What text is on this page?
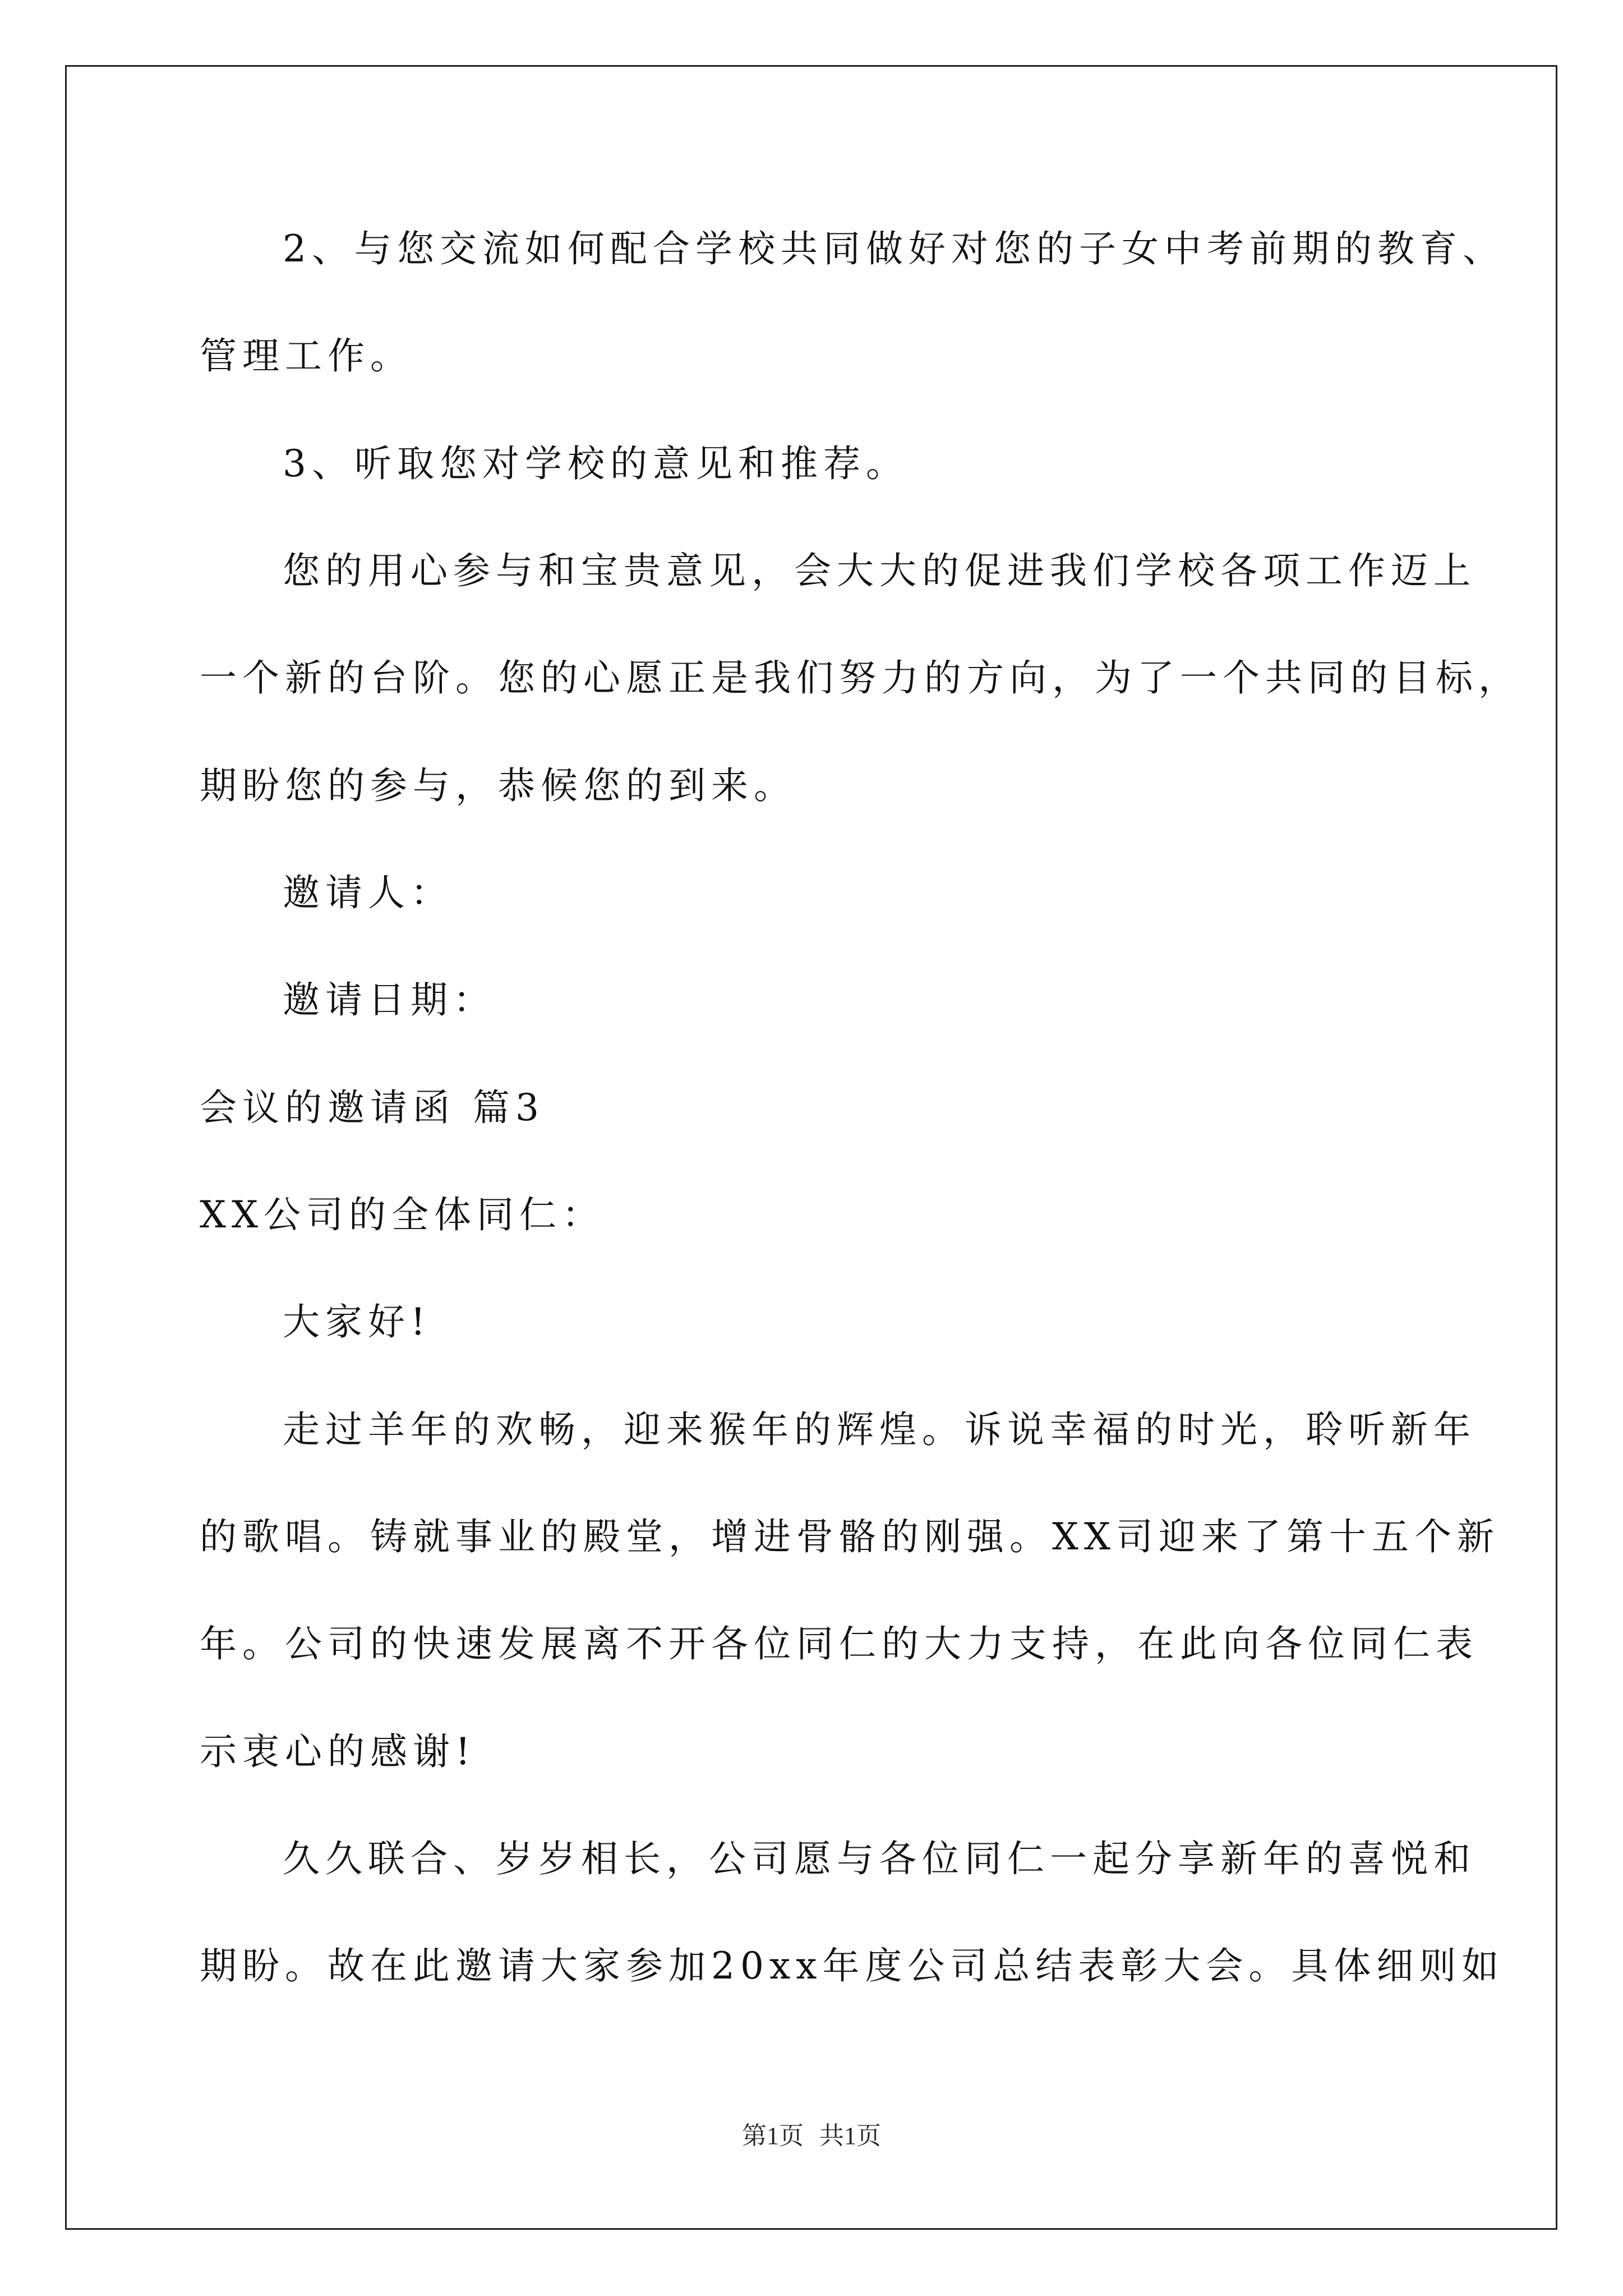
2、与您交流如何配合学校共同做好对您的子女中考前期的教育、
管理工作。
3、听取您对学校的意见和推荐。
您的用心参与和宝贵意见，会大大的促进我们学校各项工作迈上
一个新的台阶。您的心愿正是我们努力的方向，为了一个共同的目标，
期盼您的参与，恭候您的到来。
邀请人：
邀请日期：
会议的邀请函 篇3
XX公司的全体同仁：
大家好!
走过羊年的欢畅，迎来猴年的辉煌。诉说幸福的时光，聆听新年
的歌唱。铸就事业的殿堂，增进骨骼的刚强。XX司迎来了第十五个新
年。公司的快速发展离不开各位同仁的大力支持，在此向各位同仁表
示衷心的感谢!
久久联合、岁岁相长，公司愿与各位同仁一起分享新年的喜悦和
期盼。故在此邀请大家参加20xx年度公司总结表彰大会。具体细则如
第1页 共1页
